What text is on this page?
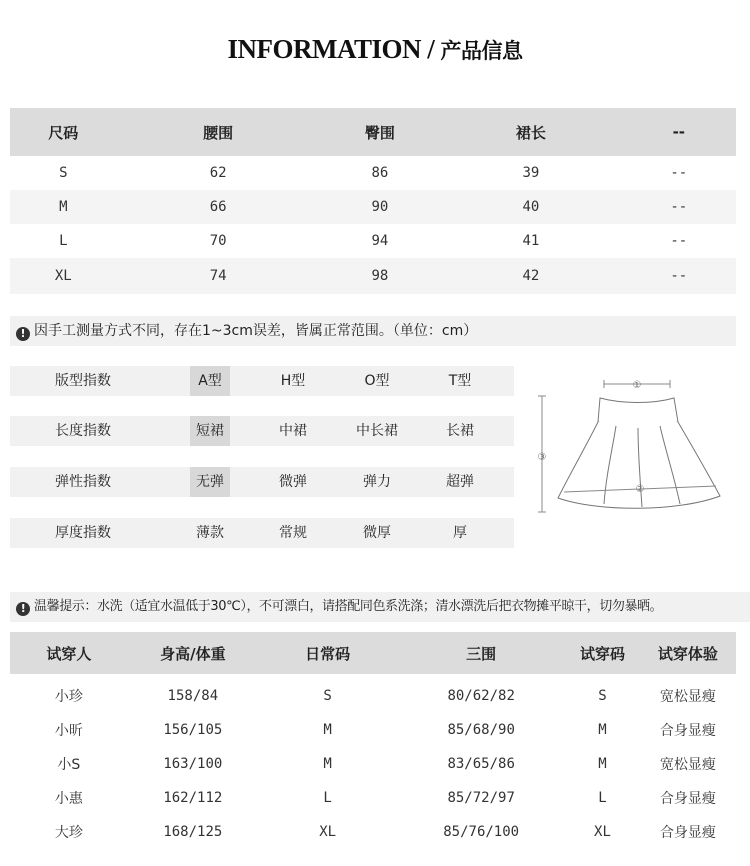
INFORMATION / 产品信息
尺码	腰围	臀围	裙长	--
S	62	86	39	--
M	66	90	40	--
L	70	94	41	--
XL	74	98	42	--
! 因手工测量方式不同，存在1~3cm误差，皆属正常范围。（单位：cm）
版型指数	A型	H型	O型	T型
长度指数	短裙	中裙	中长裙	长裙
弹性指数	无弹	微弹	弹力	超弹
厚度指数	薄款	常规	微厚	厚
①
②
③
! 温馨提示：水洗（适宜水温低于30℃），不可漂白，请搭配同色系洗涤；清水漂洗后把衣物摊平晾干，切勿暴晒。
试穿人	身高/体重	日常码	三围	试穿码	试穿体验
小珍	158/84	S	80/62/82	S	宽松显瘦
小昕	156/105	M	85/68/90	M	合身显瘦
小S	163/100	M	83/65/86	M	宽松显瘦
小惠	162/112	L	85/72/97	L	合身显瘦
大珍	168/125	XL	85/76/100	XL	合身显瘦
